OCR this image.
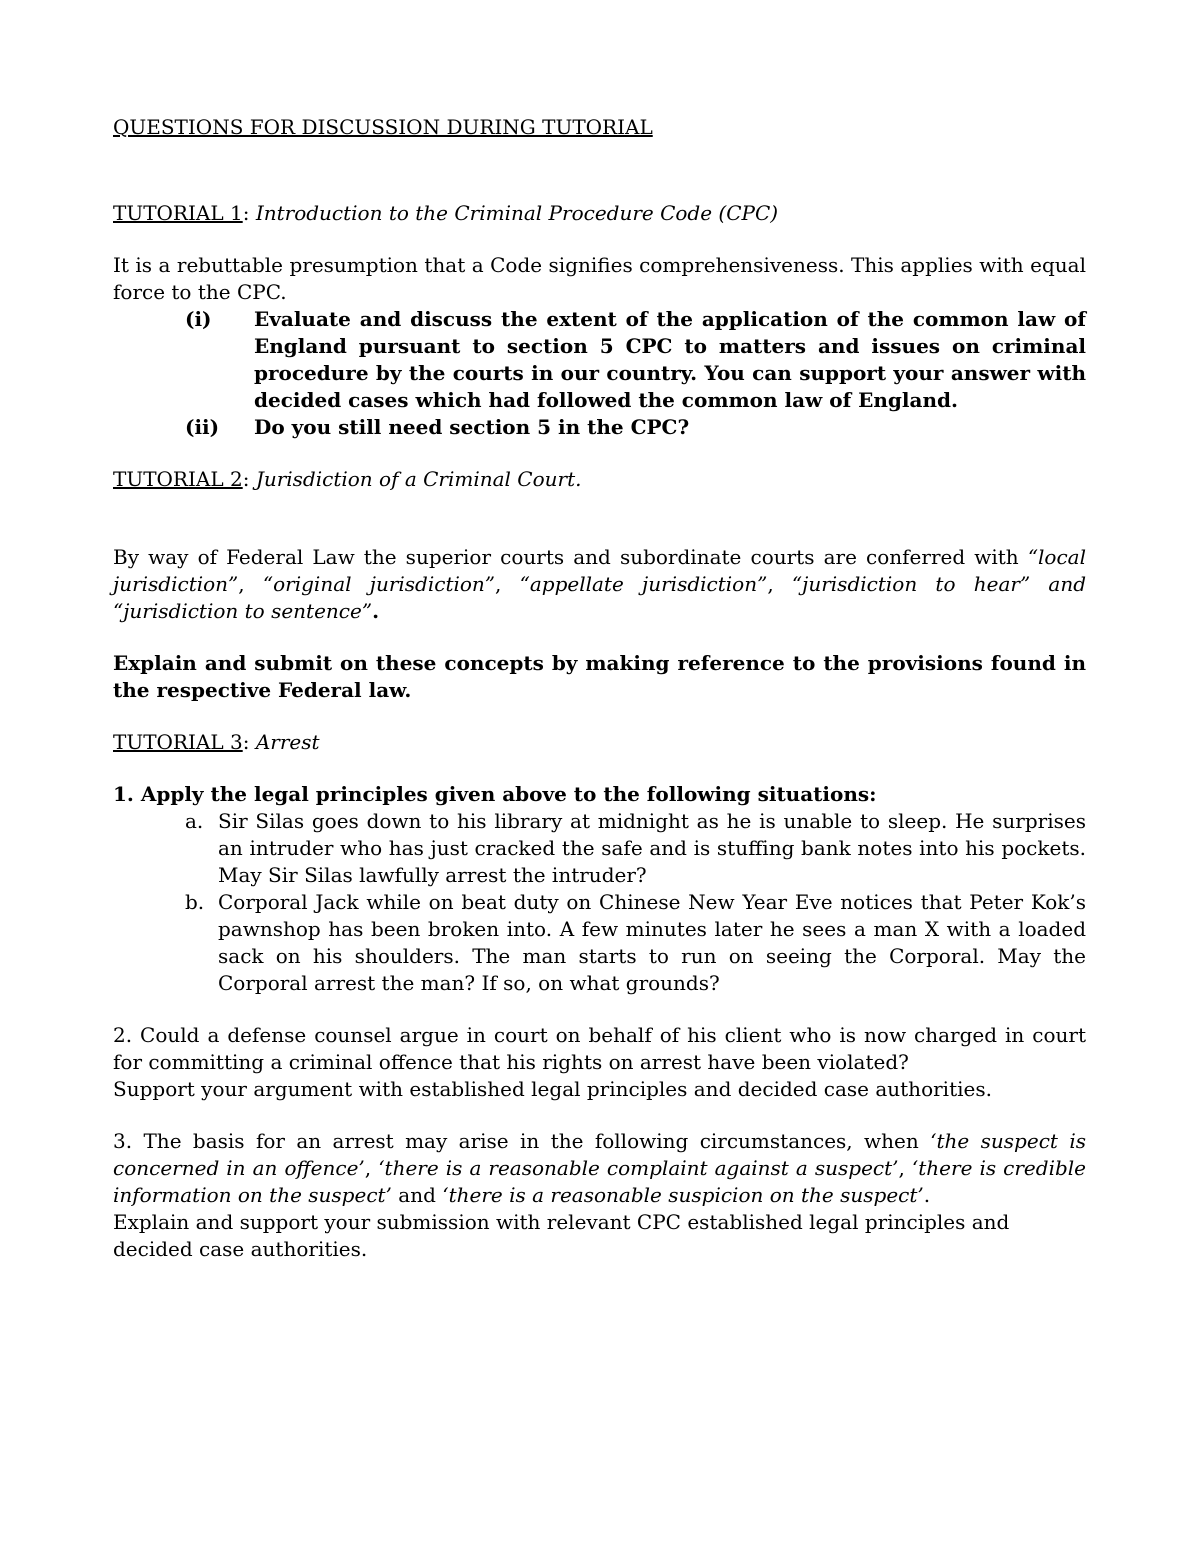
QUESTIONS FOR DISCUSSION DURING TUTORIAL

TUTORIAL 1: Introduction to the Criminal Procedure Code (CPC)

It is a rebuttable presumption that a Code signifies comprehensiveness. This applies with equal force to the CPC.

(i)	Evaluate and discuss the extent of the application of the common law of England pursuant to section 5 CPC to matters and issues on criminal procedure by the courts in our country. You can support your answer with decided cases which had followed the common law of England.
(ii)	Do you still need section 5 in the CPC?

TUTORIAL 2: Jurisdiction of a Criminal Court.

By way of Federal Law the superior courts and subordinate courts are conferred with “local jurisdiction”, “original jurisdiction”, “appellate jurisdiction”, “jurisdiction to hear” and “jurisdiction to sentence”.

Explain and submit on these concepts by making reference to the provisions found in the respective Federal law.

TUTORIAL 3: Arrest

1. Apply the legal principles given above to the following situations:

a. Sir Silas goes down to his library at midnight as he is unable to sleep. He surprises an intruder who has just cracked the safe and is stuffing bank notes into his pockets. May Sir Silas lawfully arrest the intruder?
b. Corporal Jack while on beat duty on Chinese New Year Eve notices that Peter Kok’s pawnshop has been broken into. A few minutes later he sees a man X with a loaded sack on his shoulders. The man starts to run on seeing the Corporal. May the Corporal arrest the man? If so, on what grounds?

2. Could a defense counsel argue in court on behalf of his client who is now charged in court for committing a criminal offence that his rights on arrest have been violated?

Support your argument with established legal principles and decided case authorities.

3. The basis for an arrest may arise in the following circumstances, when ‘the suspect is concerned in an offence’, ‘there is a reasonable complaint against a suspect’, ‘there is credible information on the suspect’ and ‘there is a reasonable suspicion on the suspect’.

Explain and support your submission with relevant CPC established legal principles and decided case authorities.
